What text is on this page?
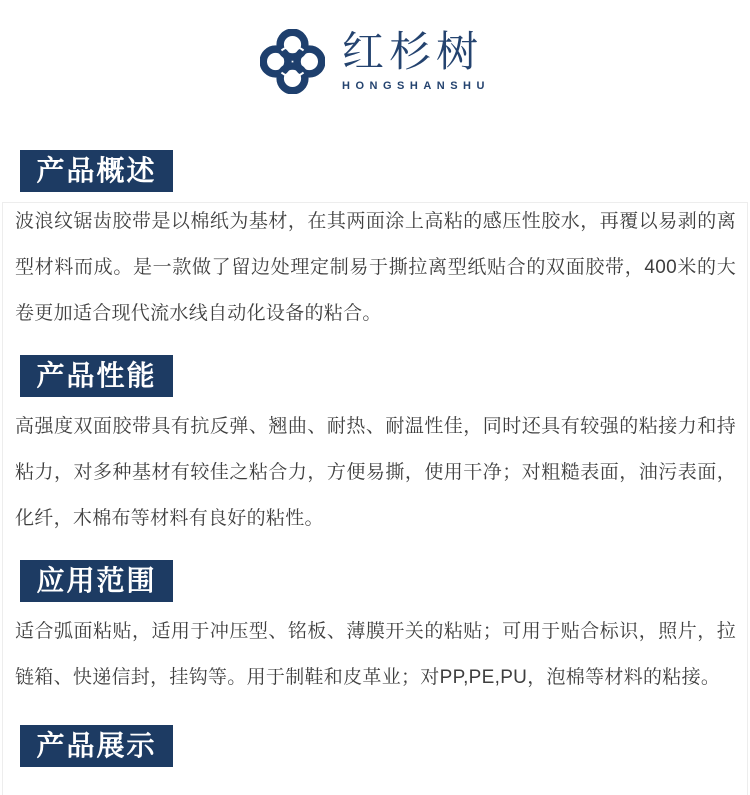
红杉树
HONGSHANSHU
产品概述

波浪纹锯齿胶带是以棉纸为基材，在其两面涂上高粘的感压性胶水，再覆以易剥的离型材料而成。是一款做了留边处理定制易于撕拉离型纸贴合的双面胶带，400米的大卷更加适合现代流水线自动化设备的粘合。

产品性能

高强度双面胶带具有抗反弹、翘曲、耐热、耐温性佳，同时还具有较强的粘接力和持粘力，对多种基材有较佳之粘合力，方便易撕，使用干净；对粗糙表面，油污表面，化纤，木棉布等材料有良好的粘性。

应用范围

适合弧面粘贴，适用于冲压型、铭板、薄膜开关的粘贴；可用于贴合标识，照片，拉链箱、快递信封，挂钩等。用于制鞋和皮革业；对PP,PE,PU，泡棉等材料的粘接。

产品展示
